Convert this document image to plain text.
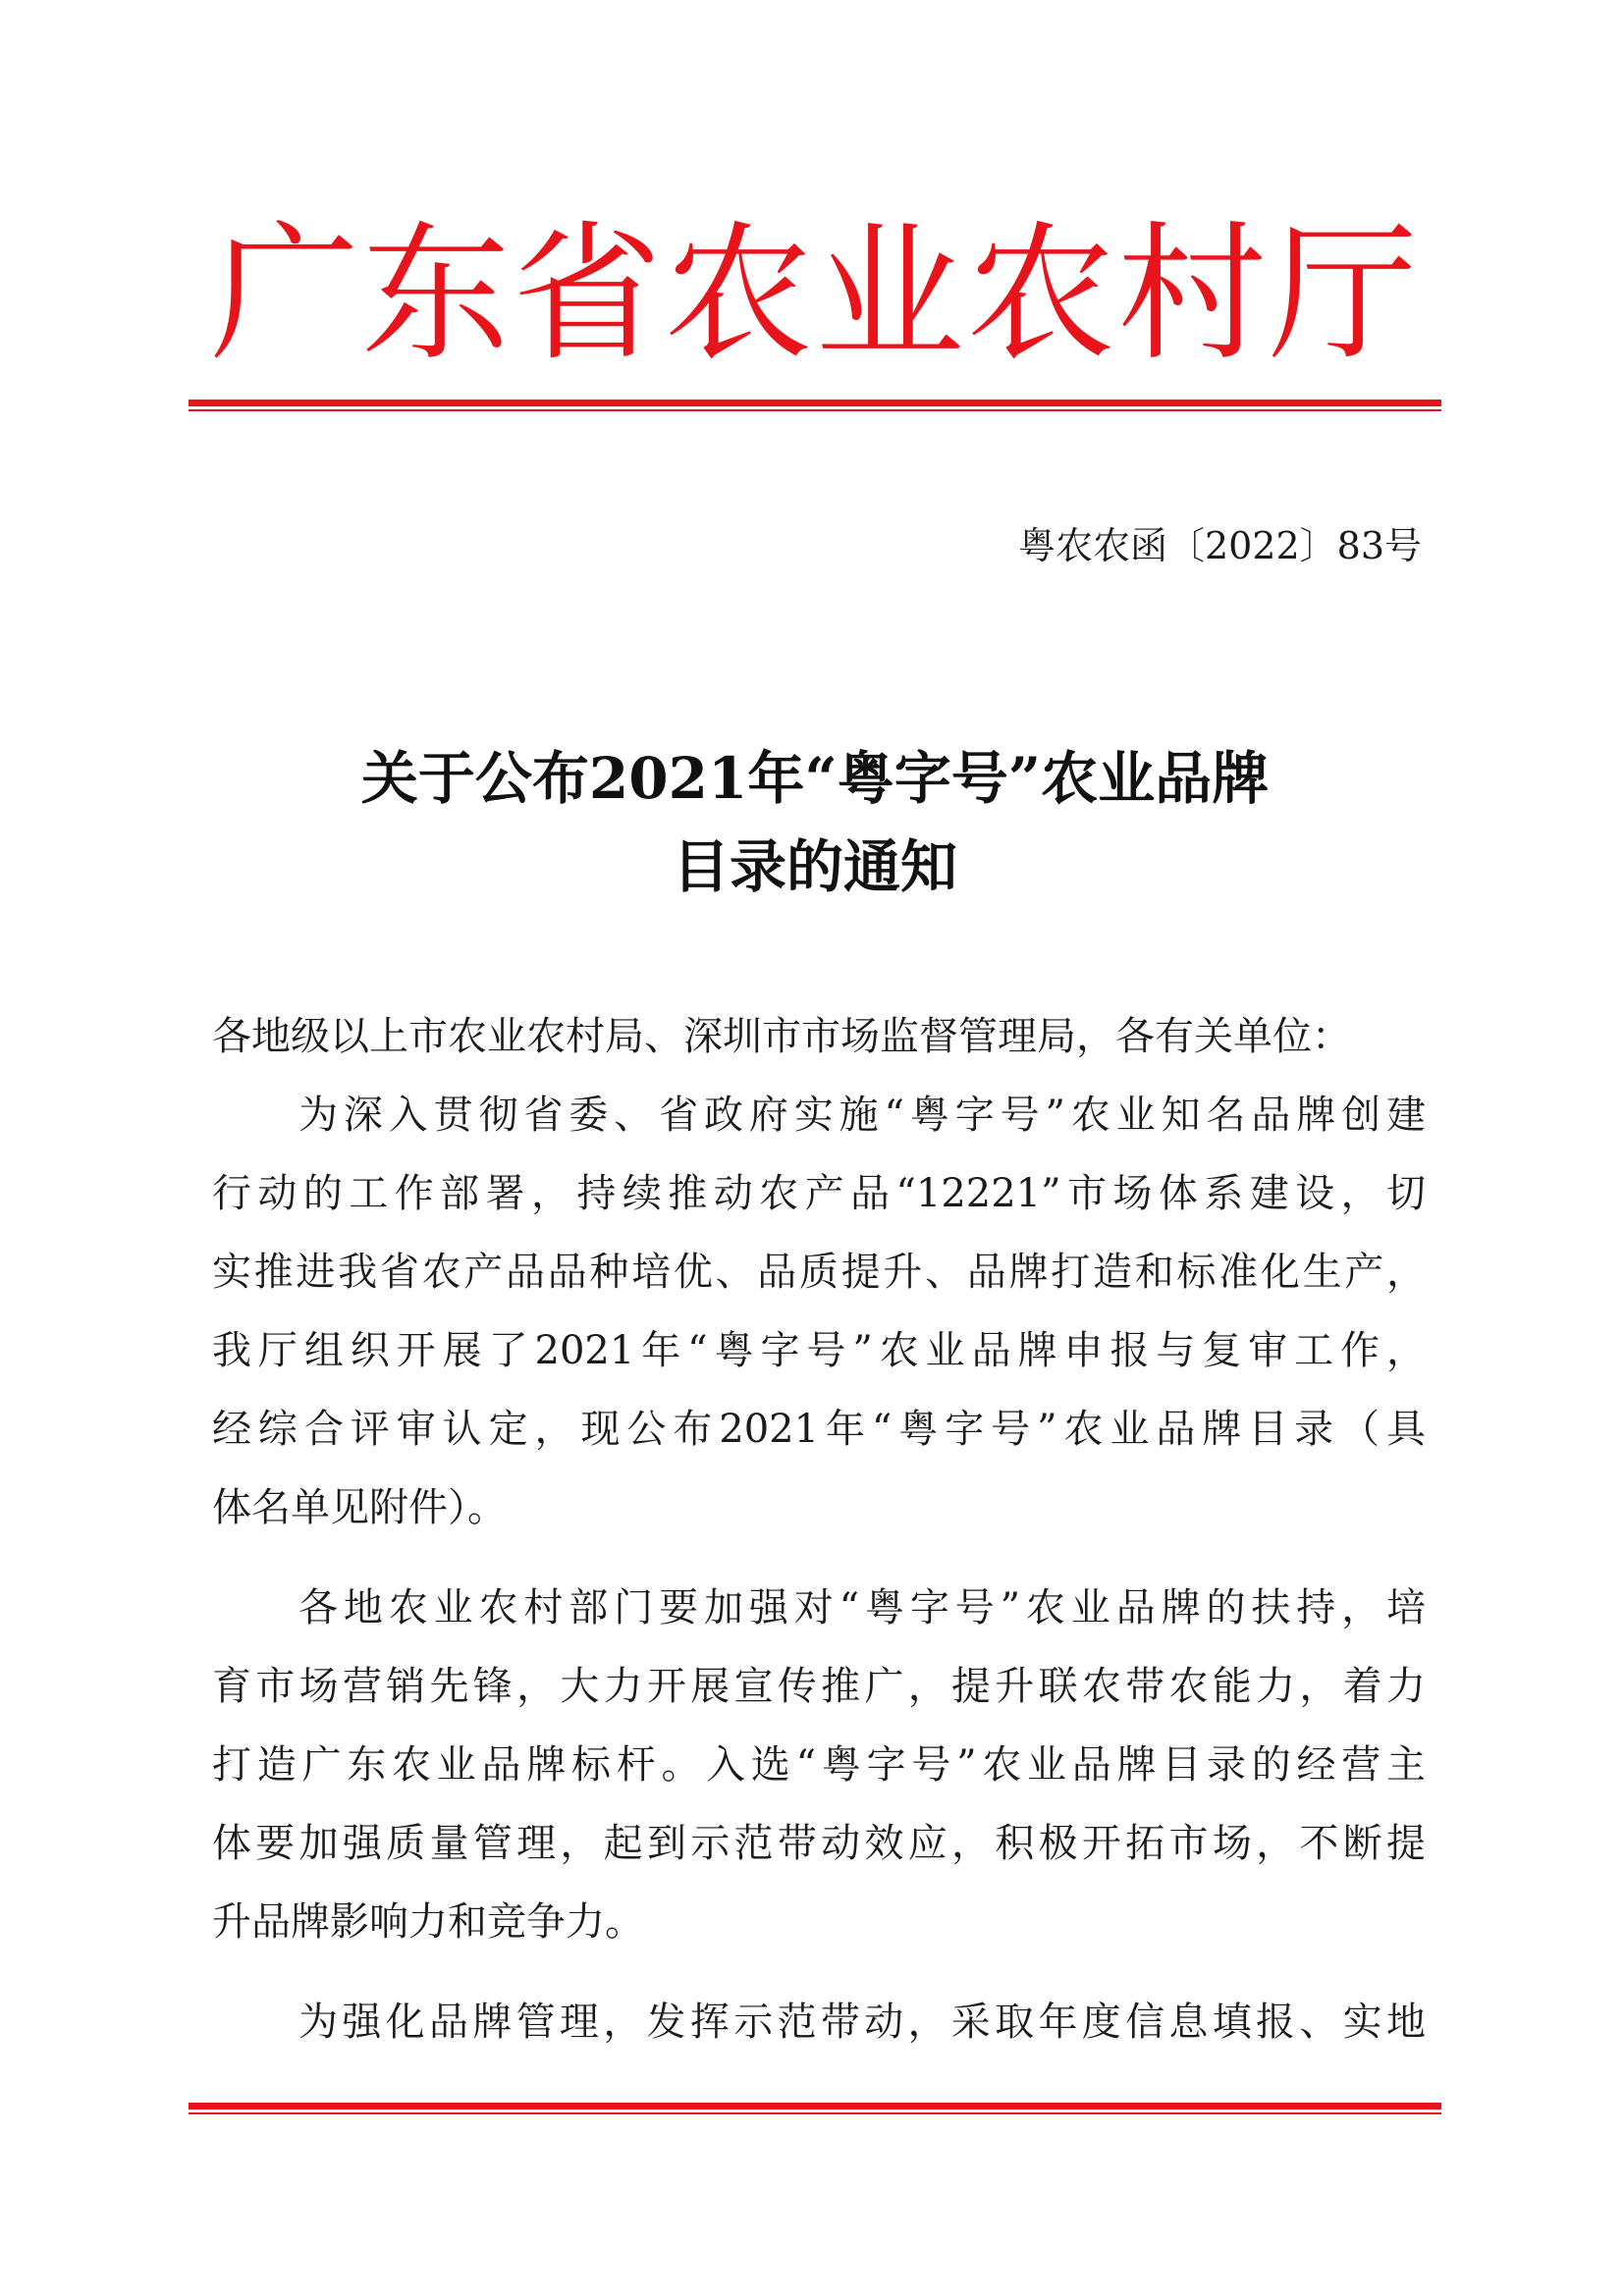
广东省农业农村厅
粤农农函〔2022〕83号
关于公布2021年“粤字号”农业品牌
目录的通知
各地级以上市农业农村局、深圳市市场监督管理局，各有关单位：
为深入贯彻省委、省政府实施“粤字号”农业知名品牌创建
行动的工作部署，持续推动农产品“12221”市场体系建设，切
实推进我省农产品品种培优、品质提升、品牌打造和标准化生产，
我厅组织开展了2021年“粤字号”农业品牌申报与复审工作，
经综合评审认定，现公布2021年“粤字号”农业品牌目录（具
体名单见附件）。
各地农业农村部门要加强对“粤字号”农业品牌的扶持，培
育市场营销先锋，大力开展宣传推广，提升联农带农能力，着力
打造广东农业品牌标杆。入选“粤字号”农业品牌目录的经营主
体要加强质量管理，起到示范带动效应，积极开拓市场，不断提
升品牌影响力和竞争力。
为强化品牌管理，发挥示范带动，采取年度信息填报、实地
